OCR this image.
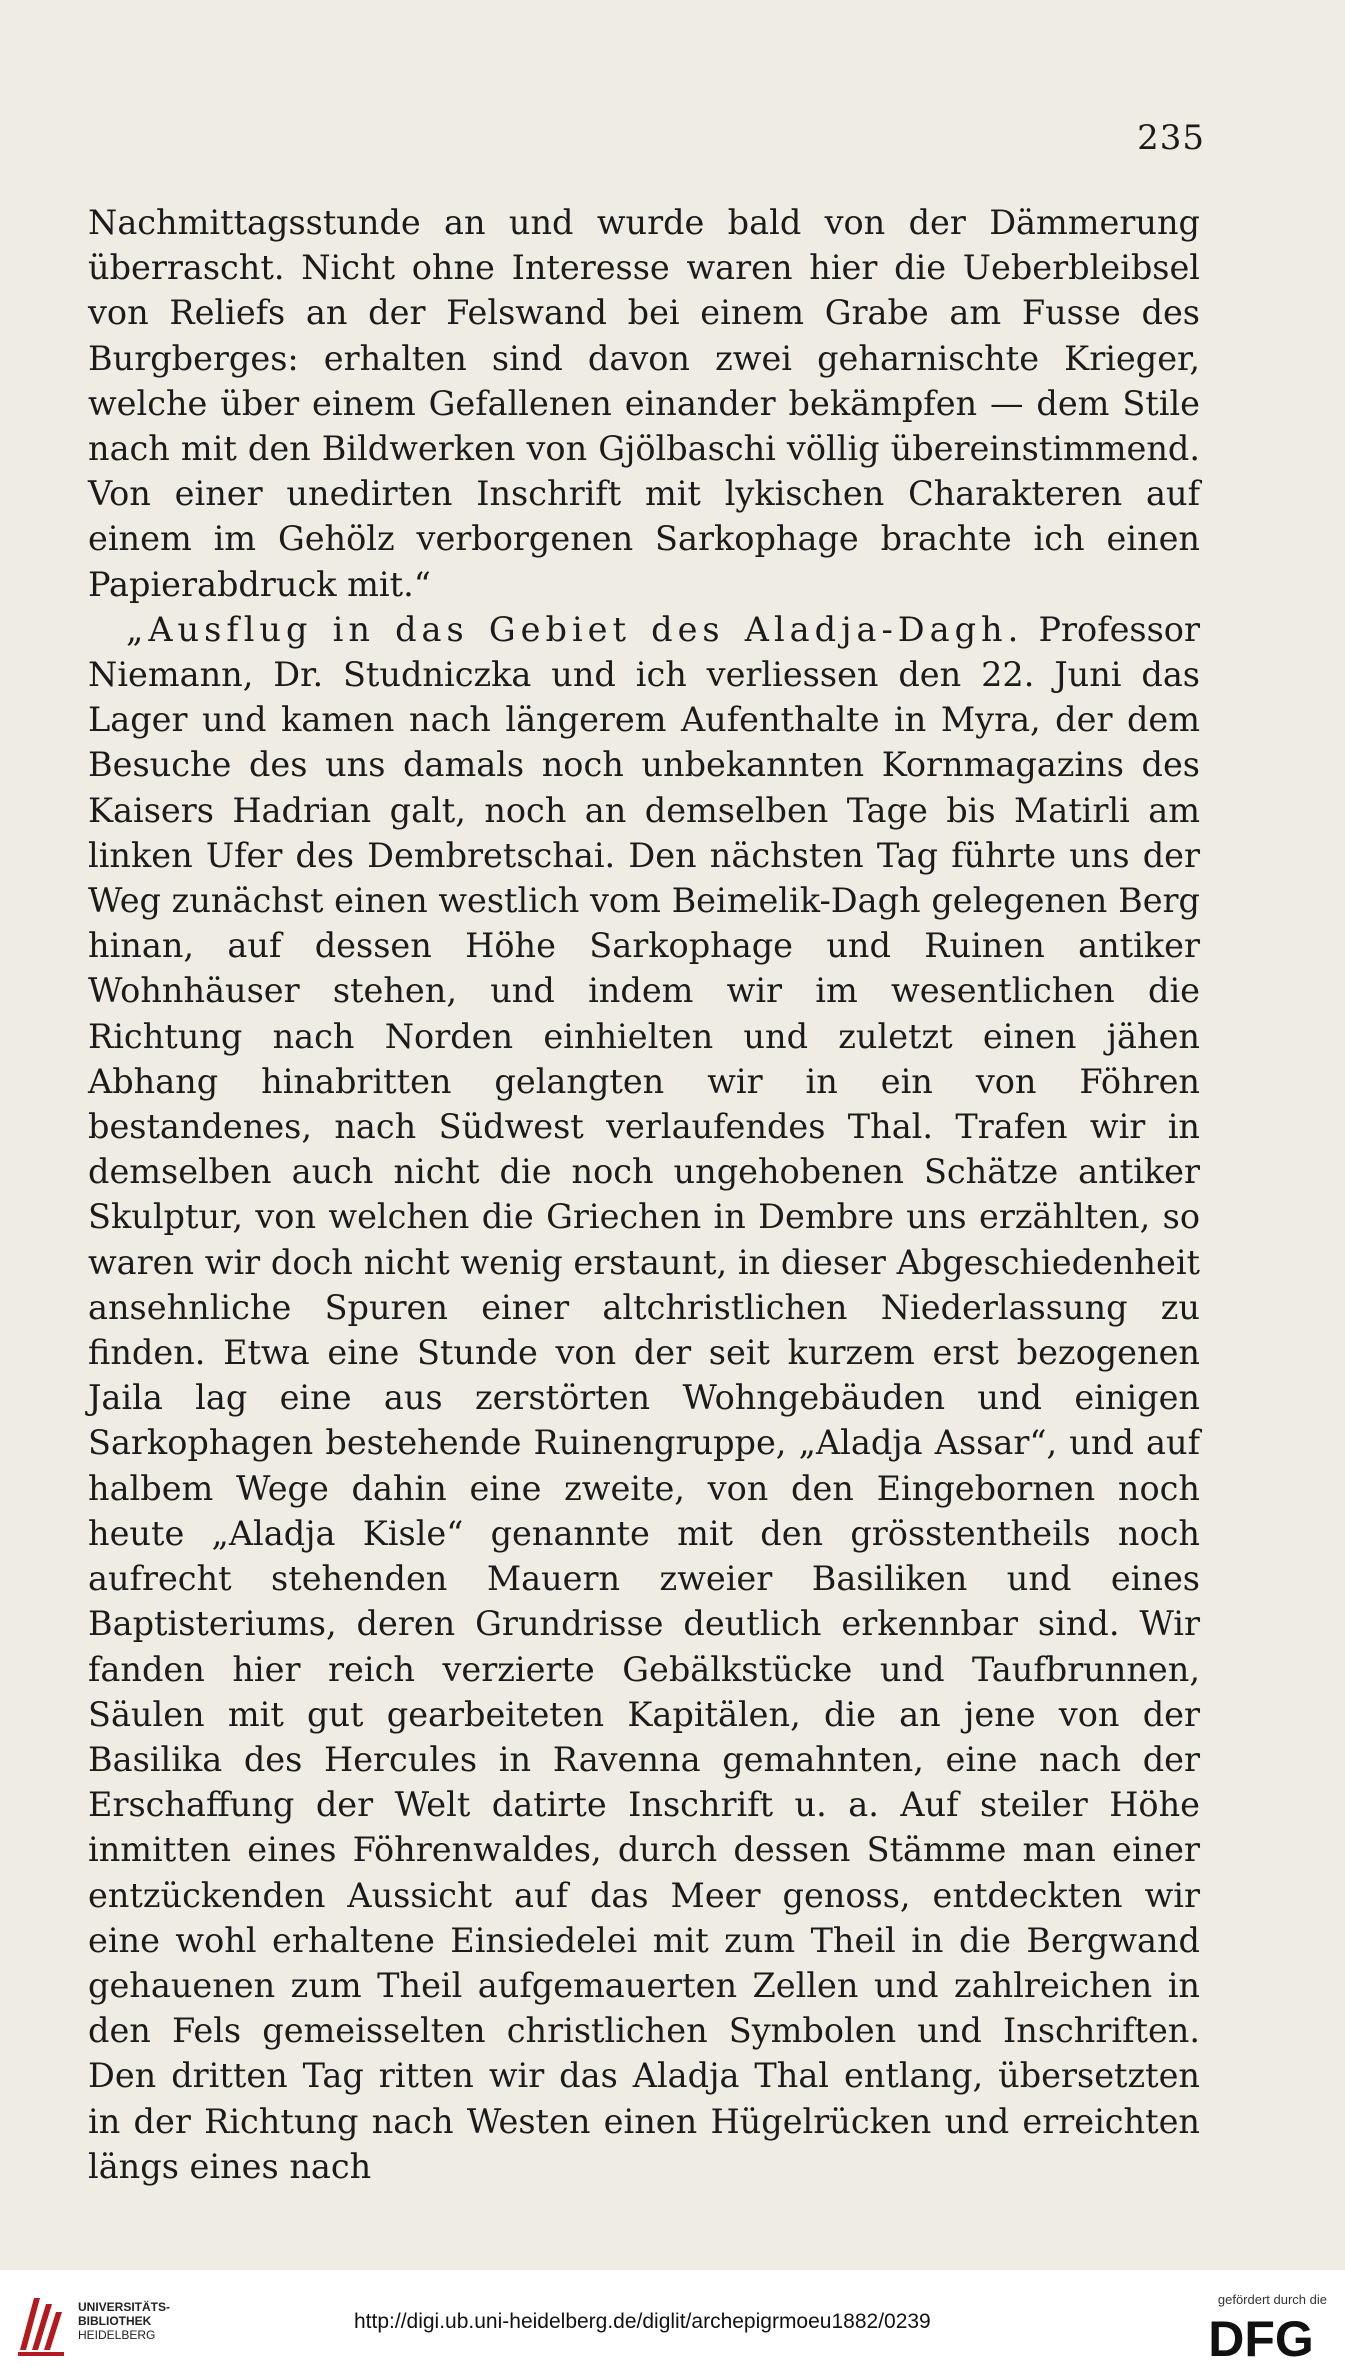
235

Nachmittagsstunde an und wurde bald von der Dämmerung überrascht. Nicht ohne Interesse waren hier die Ueberbleibsel von Reliefs an der Felswand bei einem Grabe am Fusse des Burgberges: erhalten sind davon zwei geharnischte Krieger, welche über einem Gefallenen einander bekämpfen — dem Stile nach mit den Bildwerken von Gjölbaschi völlig übereinstimmend. Von einer unedirten Inschrift mit lykischen Charakteren auf einem im Gehölz verborgenen Sarkophage brachte ich einen Papierabdruck mit.“

„Ausflug in das Gebiet des Aladja-Dagh. Professor Niemann, Dr. Studniczka und ich verliessen den 22. Juni das Lager und kamen nach längerem Aufenthalte in Myra, der dem Besuche des uns damals noch unbekannten Kornmagazins des Kaisers Hadrian galt, noch an demselben Tage bis Matirli am linken Ufer des Dembretschai. Den nächsten Tag führte uns der Weg zunächst einen westlich vom Beimelik-Dagh gelegenen Berg hinan, auf dessen Höhe Sarkophage und Ruinen antiker Wohnhäuser stehen, und indem wir im wesentlichen die Richtung nach Norden einhielten und zuletzt einen jähen Abhang hinabritten gelangten wir in ein von Föhren bestandenes, nach Südwest verlaufendes Thal. Trafen wir in demselben auch nicht die noch ungehobenen Schätze antiker Skulptur, von welchen die Griechen in Dembre uns erzählten, so waren wir doch nicht wenig erstaunt, in dieser Abgeschiedenheit ansehnliche Spuren einer altchristlichen Niederlassung zu finden. Etwa eine Stunde von der seit kurzem erst bezogenen Jaila lag eine aus zerstörten Wohngebäuden und einigen Sarkophagen bestehende Ruinengruppe, „Aladja Assar“, und auf halbem Wege dahin eine zweite, von den Eingebornen noch heute „Aladja Kisle“ genannte mit den grösstentheils noch aufrecht stehenden Mauern zweier Basiliken und eines Baptisteriums, deren Grundrisse deutlich erkennbar sind. Wir fanden hier reich verzierte Gebälkstücke und Taufbrunnen, Säulen mit gut gearbeiteten Kapitälen, die an jene von der Basilika des Hercules in Ravenna gemahnten, eine nach der Erschaffung der Welt datirte Inschrift u. a. Auf steiler Höhe inmitten eines Föhrenwaldes, durch dessen Stämme man einer entzückenden Aussicht auf das Meer genoss, entdeckten wir eine wohl erhaltene Einsiedelei mit zum Theil in die Bergwand gehauenen zum Theil aufgemauerten Zellen und zahlreichen in den Fels gemeisselten christlichen Symbolen und Inschriften. Den dritten Tag ritten wir das Aladja Thal entlang, übersetzten in der Richtung nach Westen einen Hügelrücken und erreichten längs eines nach

UNIVERSITÄTS-
BIBLIOTHEK
HEIDELBERG
http://digi.ub.uni-heidelberg.de/diglit/archepigrmoeu1882/0239
gefördert durch die
DFG
